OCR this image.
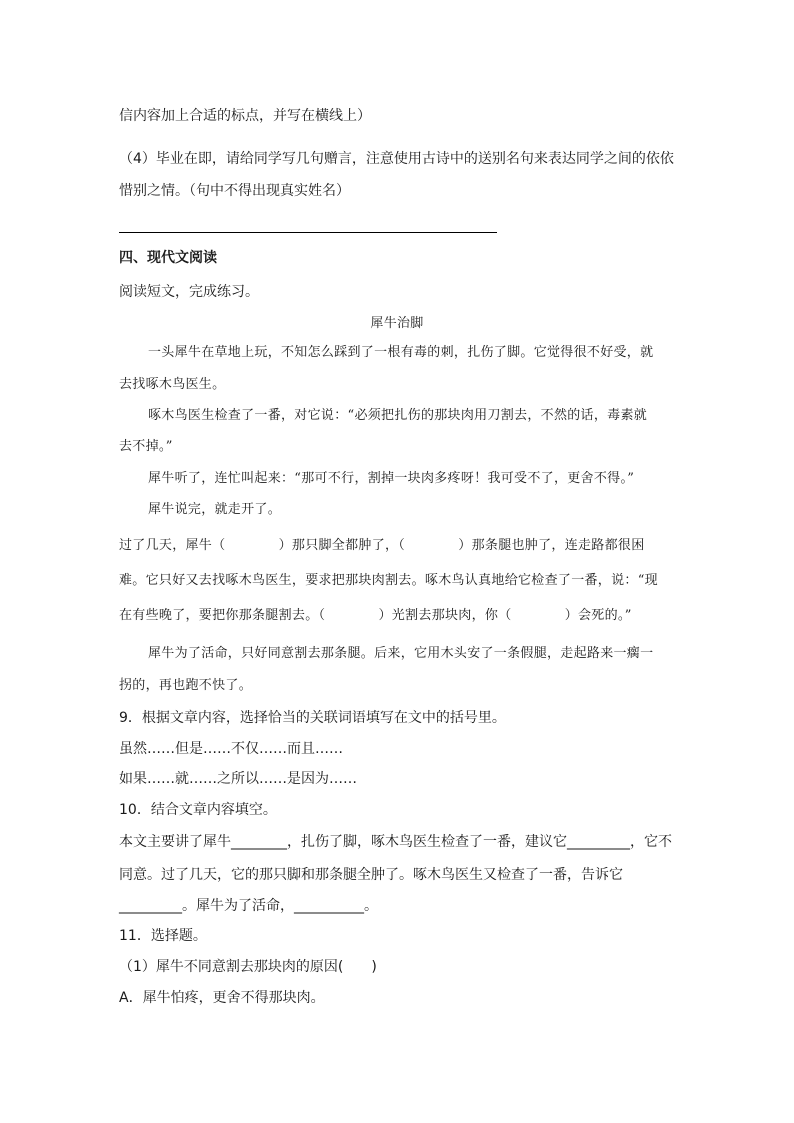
信内容加上合适的标点，并写在横线上）
（4）毕业在即，请给同学写几句赠言，注意使用古诗中的送别名句来表达同学之间的依依
惜别之情。（句中不得出现真实姓名）
四、现代文阅读
阅读短文，完成练习。
犀牛治脚
一头犀牛在草地上玩，不知怎么踩到了一根有毒的刺，扎伤了脚。它觉得很不好受，就
去找啄木鸟医生。
啄木鸟医生检查了一番，对它说：“必须把扎伤的那块肉用刀割去，不然的话，毒素就
去不掉。”
犀牛听了，连忙叫起来：“那可不行，割掉一块肉多疼呀！我可受不了，更舍不得。”
犀牛说完，就走开了。
过了几天，犀牛（　　　　）那只脚全都肿了，（　　　　）那条腿也肿了，连走路都很困
难。它只好又去找啄木鸟医生，要求把那块肉割去。啄木鸟认真地给它检查了一番，说：“现
在有些晚了，要把你那条腿割去。（　　　　）光割去那块肉，你（　　　　）会死的。”
犀牛为了活命，只好同意割去那条腿。后来，它用木头安了一条假腿，走起路来一瘸一
拐的，再也跑不快了。
9．根据文章内容，选择恰当的关联词语填写在文中的括号里。
虽然……但是……不仅……而且……
如果……就……之所以……是因为……
10．结合文章内容填空。
本文主要讲了犀牛________，扎伤了脚，啄木鸟医生检查了一番，建议它_________，它不
同意。过了几天，它的那只脚和那条腿全肿了。啄木鸟医生又检查了一番，告诉它
_________。犀牛为了活命，__________。
11．选择题。
（1）犀牛不同意割去那块肉的原因(　　)
A．犀牛怕疼，更舍不得那块肉。
